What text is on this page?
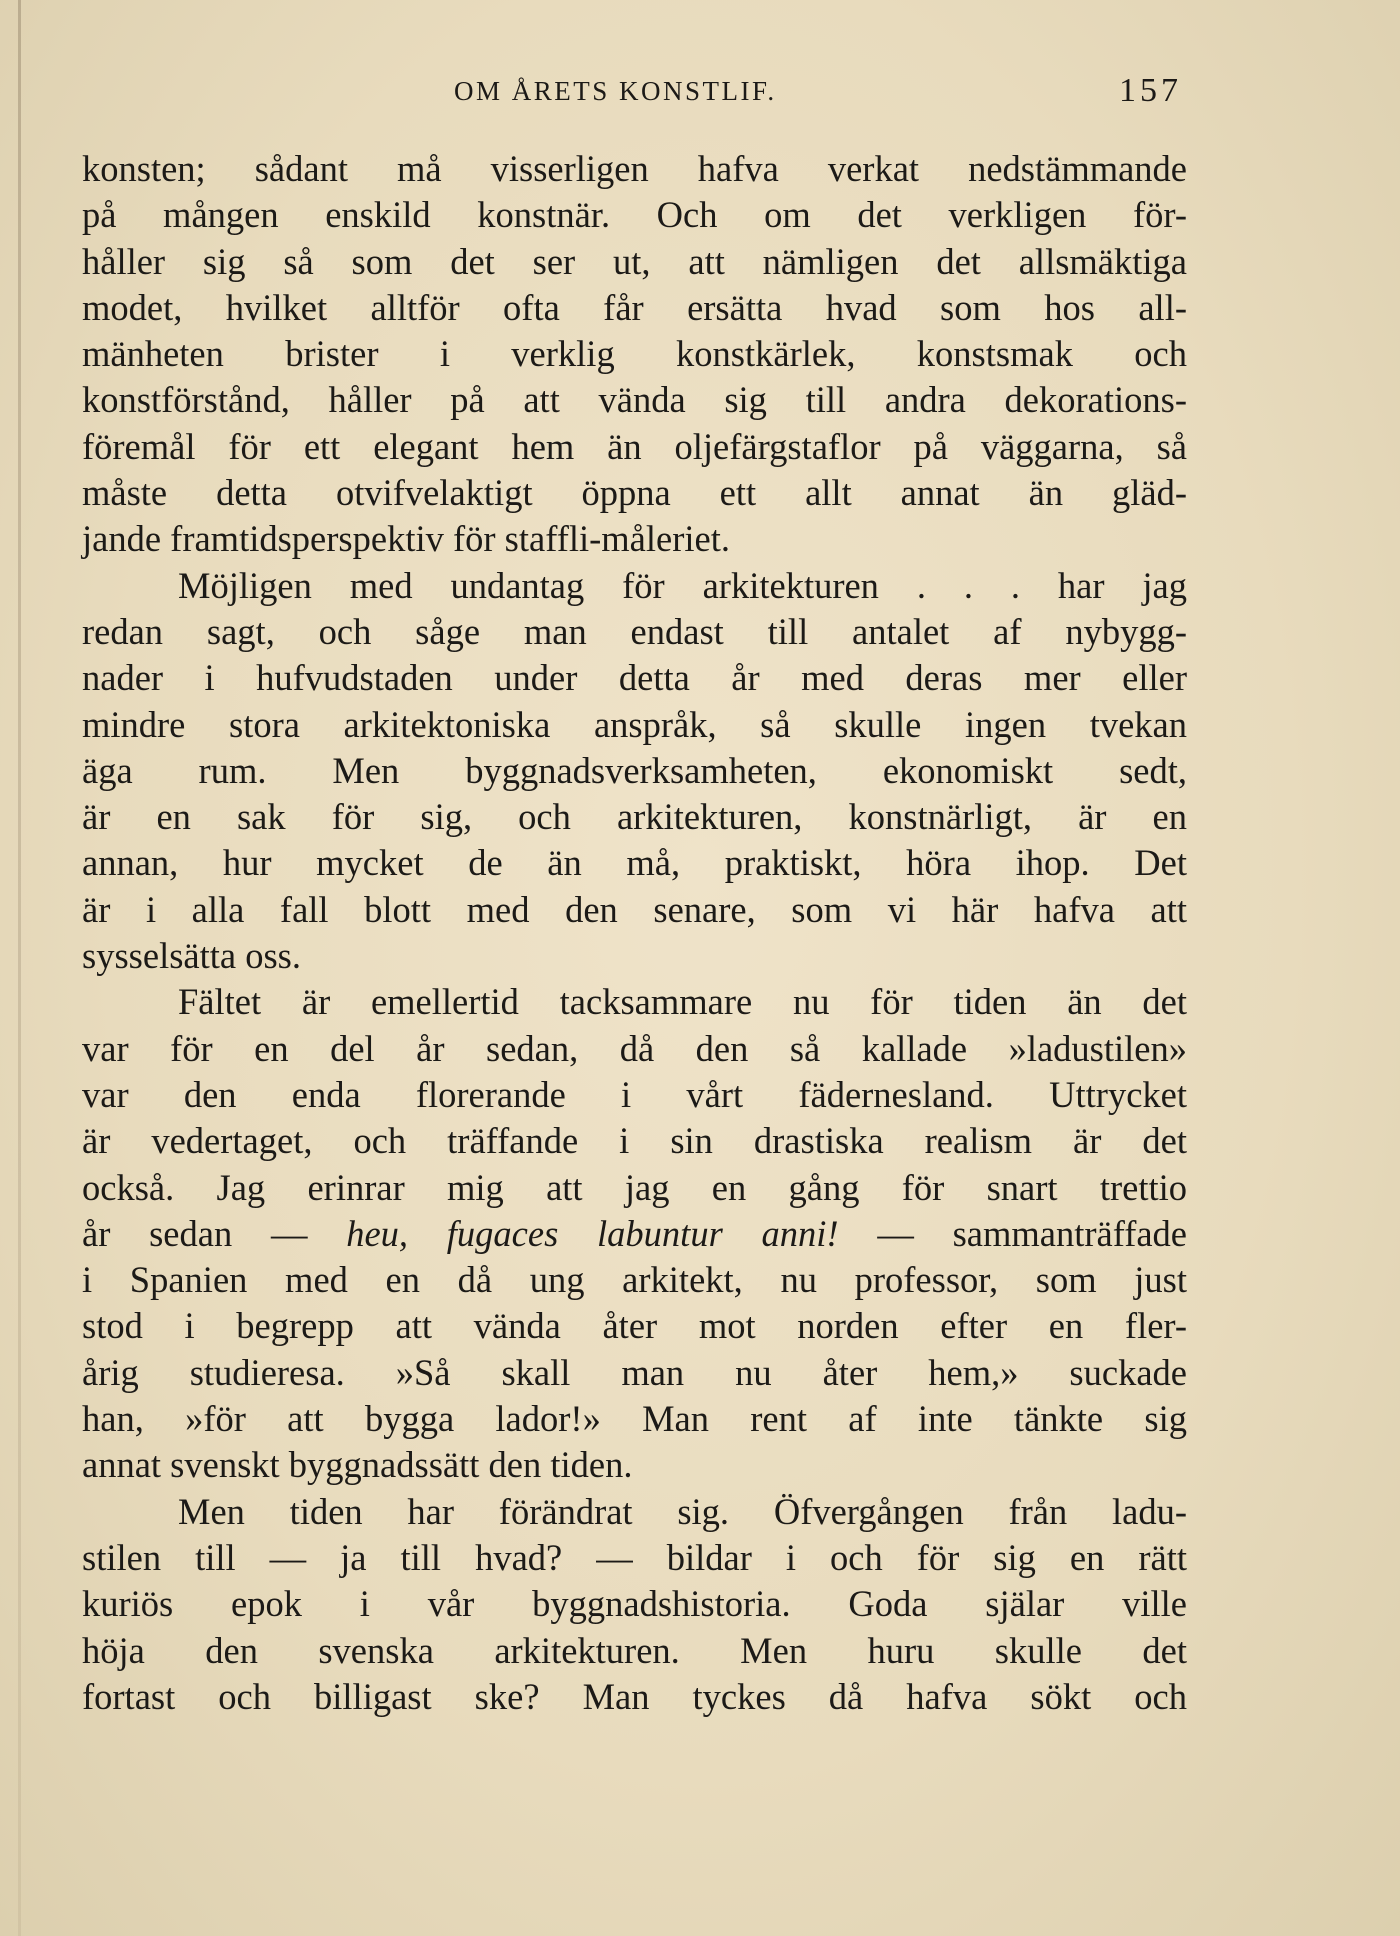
OM ÅRETS KONSTLIF.	157
konsten; sådant må visserligen hafva verkat nedstämmande
på mången enskild konstnär. Och om det verkligen för-
håller sig så som det ser ut, att nämligen det allsmäktiga
modet, hvilket alltför ofta får ersätta hvad som hos all-
mänheten brister i verklig konstkärlek, konstsmak och
konstförstånd, håller på att vända sig till andra dekorations-
föremål för ett elegant hem än oljefärgstaflor på väggarna, så
måste detta otvifvelaktigt öppna ett allt annat än gläd-
jande framtidsperspektiv för staffli-måleriet.
Möjligen med undantag för arkitekturen . . . har jag
redan sagt, och såge man endast till antalet af nybygg-
nader i hufvudstaden under detta år med deras mer eller
mindre stora arkitektoniska anspråk, så skulle ingen tvekan
äga rum. Men byggnadsverksamheten, ekonomiskt sedt,
är en sak för sig, och arkitekturen, konstnärligt, är en
annan, hur mycket de än må, praktiskt, höra ihop. Det
är i alla fall blott med den senare, som vi här hafva att
sysselsätta oss.
Fältet är emellertid tacksammare nu för tiden än det
var för en del år sedan, då den så kallade »ladustilen»
var den enda florerande i vårt fädernesland. Uttrycket
är vedertaget, och träffande i sin drastiska realism är det
också. Jag erinrar mig att jag en gång för snart trettio
år sedan — heu, fugaces labuntur anni! — sammanträffade
i Spanien med en då ung arkitekt, nu professor, som just
stod i begrepp att vända åter mot norden efter en fler-
årig studieresa. »Så skall man nu åter hem,» suckade
han, »för att bygga lador!» Man rent af inte tänkte sig
annat svenskt byggnadssätt den tiden.
Men tiden har förändrat sig. Öfvergången från ladu-
stilen till — ja till hvad? — bildar i och för sig en rätt
kuriös epok i vår byggnadshistoria. Goda själar ville
höja den svenska arkitekturen. Men huru skulle det
fortast och billigast ske? Man tyckes då hafva sökt och
